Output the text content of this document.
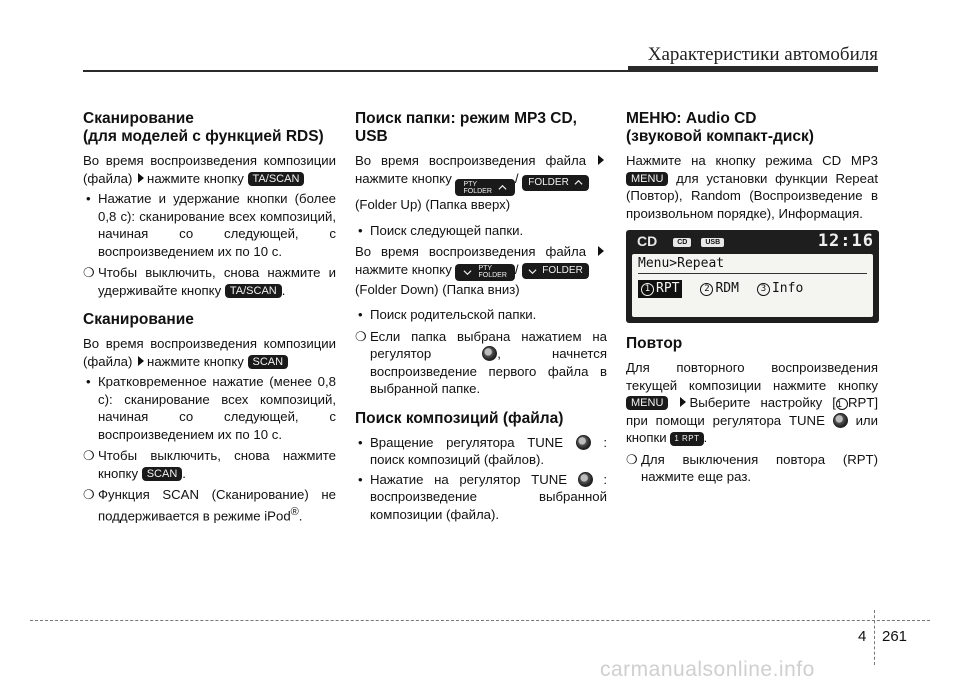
Характеристики автомобиля
Сканирование
(для моделей с функцией RDS)

Во время воспроизведения композиции (файла) нажмите кнопку TA/SCAN

• Нажатие и удержание кнопки (более 0,8 с): сканирование всех композиций, начиная со следующей, с воспроизведением их по 10 с.
❍ Чтобы выключить, снова нажмите и удерживайте кнопку TA/SCAN .
Сканирование

Во время воспроизведения композиции (файла) нажмите кнопку SCAN

• Кратковременное нажатие (менее 0,8 с): сканирование всех композиций, начиная со следующей, с воспроизведением их по 10 с.
❍ Чтобы выключить, снова нажмите кнопку SCAN .
❍ Функция SCAN (Сканирование) не поддерживается в режиме iPod®.
Поиск папки: режим MP3 CD, USB

Во время воспроизведения файла  нажмите кнопку PTY
FOLDER
/ FOLDER

(Folder Up) (Папка вверх)

• Поиск следующей папки.

Во время воспроизведения файла  нажмите кнопку	PTY
FOLDER / FOLDER

(Folder Down) (Папка вниз)

• Поиск родительской папки.
❍ Если папка выбрана нажатием на регулятор	, начнется воспроизведение первого файла в выбранной папке.
Поиск композиций (файла)
• Вращение регулятора TUNE	: поиск композиций (файлов).
• Нажатие на регулятор TUNE	: воспроизведение выбранной композиции (файла).
МЕНЮ: Audio CD
(звуковой компакт-диск)

Нажмите на кнопку режима CD MP3 MENU для установки функции Repeat (Повтор), Random (Воспроизведение в произвольном порядке), Информация.

CD	CD	USB	12:16
Menu>Repeat
1 RPT	2 RDM	3 Info
Повтор

Для повторного воспроизведения текущей композиции нажмите кнопку MENU Выберите настройку [1 RPT] при помощи регулятора TUNE или кнопки 1 RPT .

❍ Для выключения повтора (RPT) нажмите еще раз.
4 261
carmanualsonline.info
